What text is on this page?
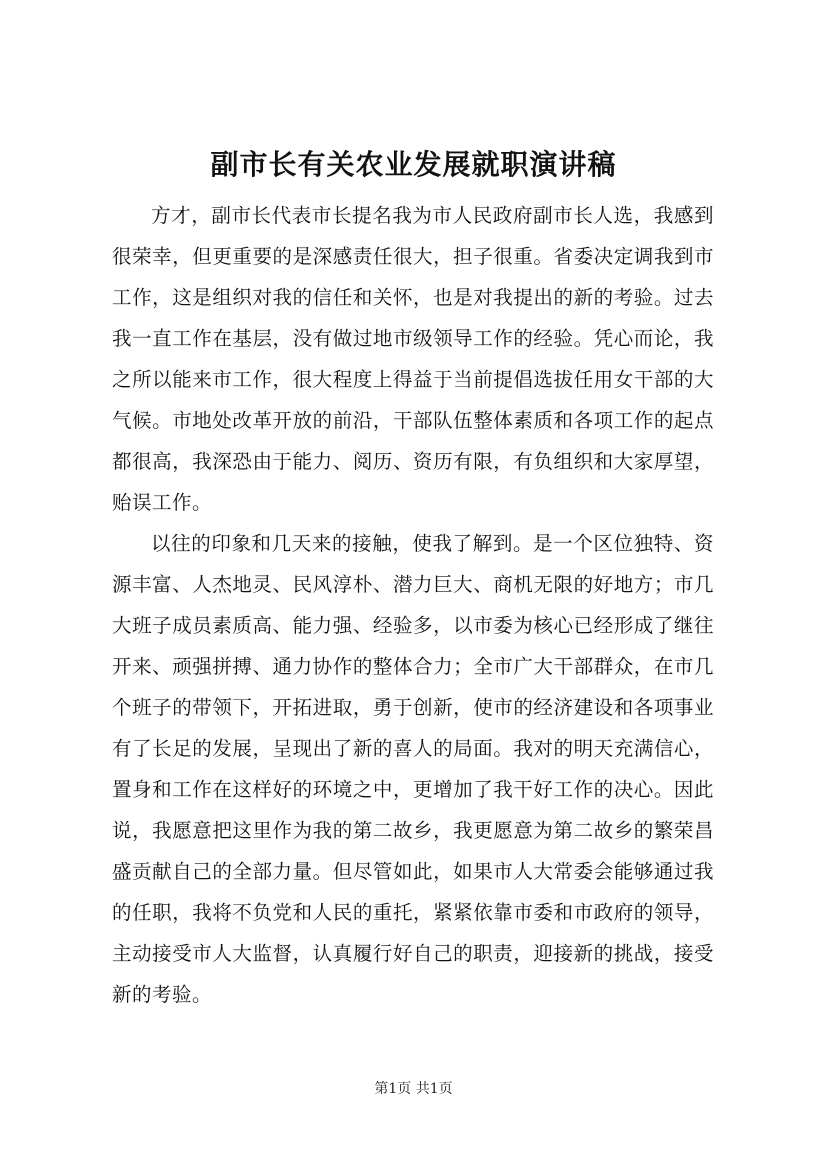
副市长有关农业发展就职演讲稿

方才，副市长代表市长提名我为市人民政府副市长人选，我感到很荣幸，但更重要的是深感责任很大，担子很重。省委决定调我到市工作，这是组织对我的信任和关怀，也是对我提出的新的考验。过去我一直工作在基层，没有做过地市级领导工作的经验。凭心而论，我之所以能来市工作，很大程度上得益于当前提倡选拔任用女干部的大气候。市地处改革开放的前沿，干部队伍整体素质和各项工作的起点都很高，我深恐由于能力、阅历、资历有限，有负组织和大家厚望，贻误工作。

以往的印象和几天来的接触，使我了解到。是一个区位独特、资源丰富、人杰地灵、民风淳朴、潜力巨大、商机无限的好地方；市几大班子成员素质高、能力强、经验多，以市委为核心已经形成了继往开来、顽强拼搏、通力协作的整体合力；全市广大干部群众，在市几个班子的带领下，开拓进取，勇于创新，使市的经济建设和各项事业有了长足的发展，呈现出了新的喜人的局面。我对的明天充满信心，置身和工作在这样好的环境之中，更增加了我干好工作的决心。因此说，我愿意把这里作为我的第二故乡，我更愿意为第二故乡的繁荣昌盛贡献自己的全部力量。但尽管如此，如果市人大常委会能够通过我的任职，我将不负党和人民的重托，紧紧依靠市委和市政府的领导，主动接受市人大监督，认真履行好自己的职责，迎接新的挑战，接受新的考验。

第1页 共1页
